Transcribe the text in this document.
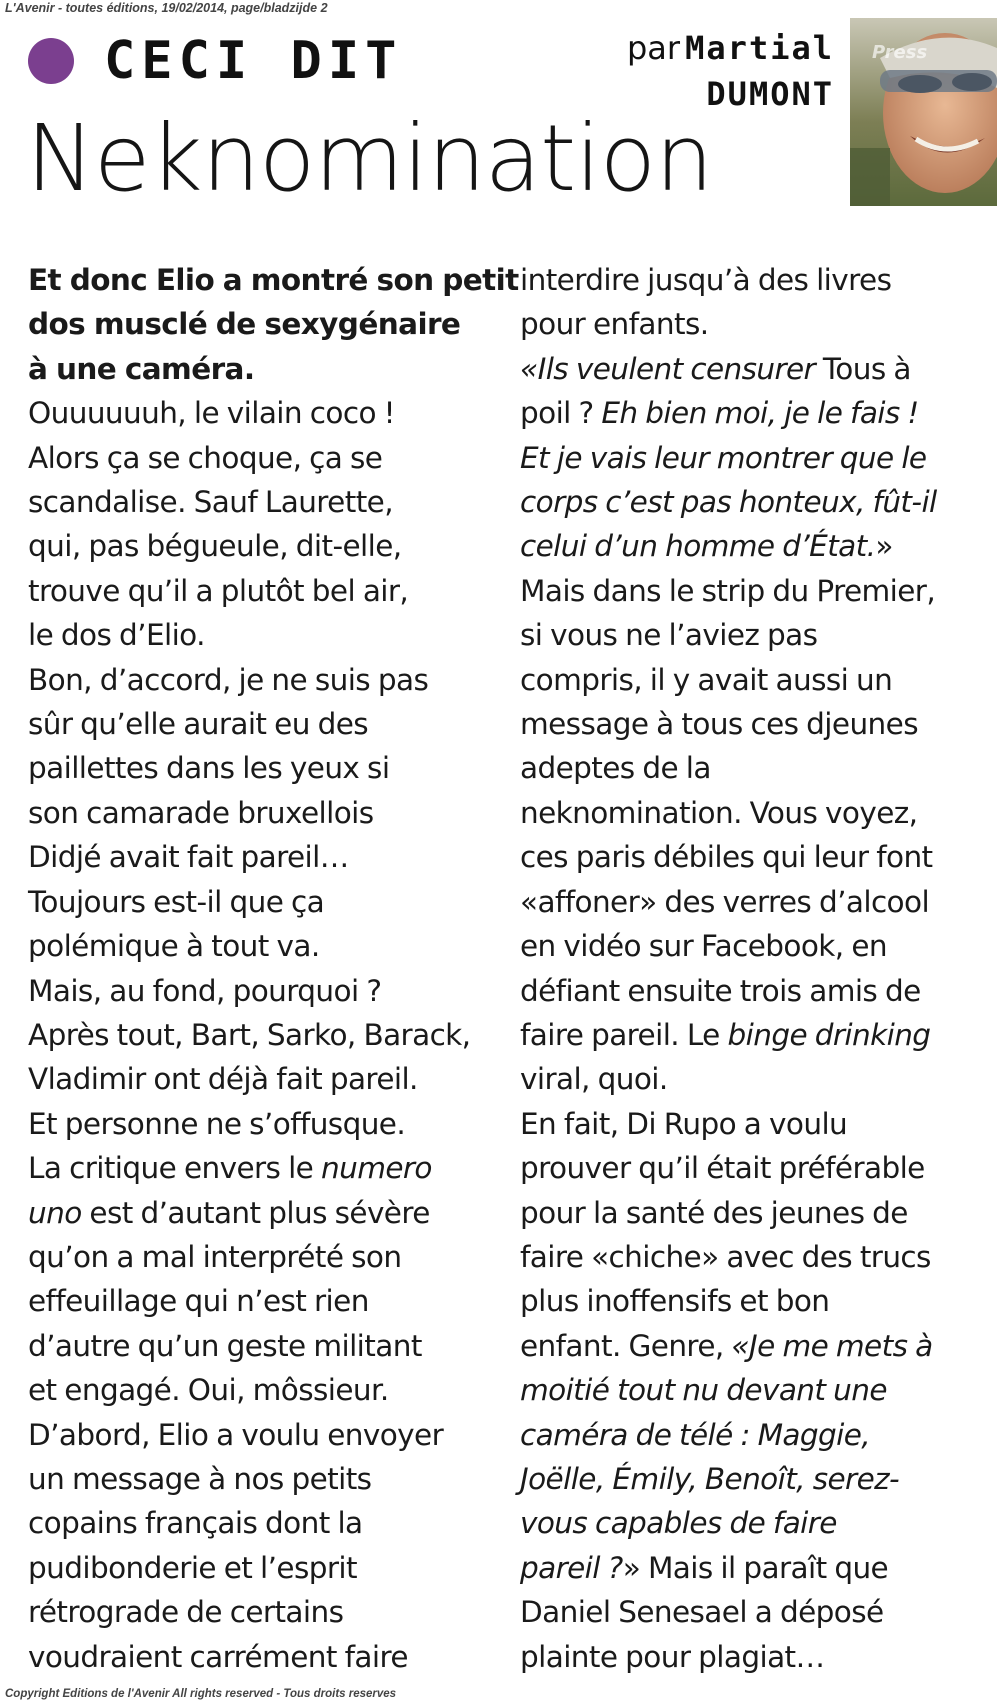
L'Avenir - toutes éditions, 19/02/2014, page/bladzijde 2
CECI DIT
Neknomination
par Martial
DUMONT
Press
Et donc Elio a montré son petit
dos musclé de sexygénaire
à une caméra.
Ouuuuuuh, le vilain coco !
Alors ça se choque, ça se
scandalise. Sauf Laurette,
qui, pas bégueule, dit-elle,
trouve qu’il a plutôt bel air,
le dos d’Elio.
Bon, d’accord, je ne suis pas
sûr qu’elle aurait eu des
paillettes dans les yeux si
son camarade bruxellois
Didjé avait fait pareil…
Toujours est-il que ça
polémique à tout va.
Mais, au fond, pourquoi ?
Après tout, Bart, Sarko, Barack,
Vladimir ont déjà fait pareil.
Et personne ne s’offusque.
La critique envers le numero
uno est d’autant plus sévère
qu’on a mal interprété son
effeuillage qui n’est rien
d’autre qu’un geste militant
et engagé. Oui, môssieur.
D’abord, Elio a voulu envoyer
un message à nos petits
copains français dont la
pudibonderie et l’esprit
rétrograde de certains
voudraient carrément faire
interdire jusqu’à des livres
pour enfants.
«Ils veulent censurer Tous à
poil ? Eh bien moi, je le fais !
Et je vais leur montrer que le
corps c’est pas honteux, fût-il
celui d’un homme d’État.»
Mais dans le strip du Premier,
si vous ne l’aviez pas
compris, il y avait aussi un
message à tous ces djeunes
adeptes de la
neknomination. Vous voyez,
ces paris débiles qui leur font
«affoner» des verres d’alcool
en vidéo sur Facebook, en
défiant ensuite trois amis de
faire pareil. Le binge drinking
viral, quoi.
En fait, Di Rupo a voulu
prouver qu’il était préférable
pour la santé des jeunes de
faire «chiche» avec des trucs
plus inoffensifs et bon
enfant. Genre, «Je me mets à
moitié tout nu devant une
caméra de télé : Maggie,
Joëlle, Émily, Benoît, serez-
vous capables de faire
pareil ?» Mais il paraît que
Daniel Senesael a déposé
plainte pour plagiat…
Copyright Editions de l'Avenir All rights reserved - Tous droits reserves
